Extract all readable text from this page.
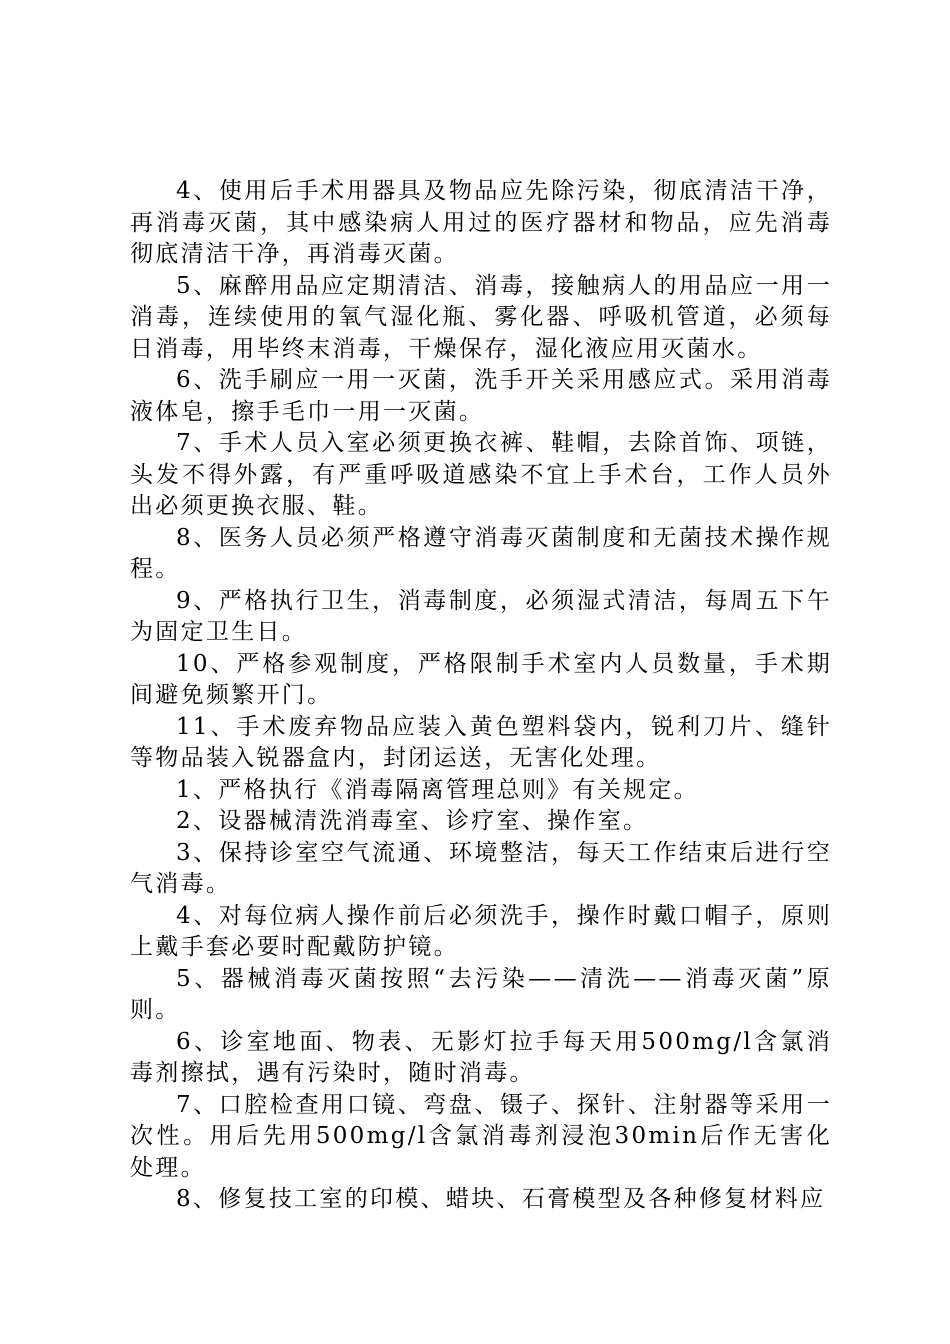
4、使用后手术用器具及物品应先除污染，彻底清洁干净，再消毒灭菌，其中感染病人用过的医疗器材和物品，应先消毒彻底清洁干净，再消毒灭菌。

5、麻醉用品应定期清洁、消毒，接触病人的用品应一用一消毒，连续使用的氧气湿化瓶、雾化器、呼吸机管道，必须每日消毒，用毕终末消毒，干燥保存，湿化液应用灭菌水。

6、洗手刷应一用一灭菌，洗手开关采用感应式。采用消毒液体皂，擦手毛巾一用一灭菌。

7、手术人员入室必须更换衣裤、鞋帽，去除首饰、项链，头发不得外露，有严重呼吸道感染不宜上手术台，工作人员外出必须更换衣服、鞋。

8、医务人员必须严格遵守消毒灭菌制度和无菌技术操作规程。

9、严格执行卫生，消毒制度，必须湿式清洁，每周五下午为固定卫生日。

10、严格参观制度，严格限制手术室内人员数量，手术期间避免频繁开门。

11、手术废弃物品应装入黄色塑料袋内，锐利刀片、缝针等物品装入锐器盒内，封闭运送，无害化处理。

1、严格执行《消毒隔离管理总则》有关规定。

2、设器械清洗消毒室、诊疗室、操作室。

3、保持诊室空气流通、环境整洁，每天工作结束后进行空气消毒。

4、对每位病人操作前后必须洗手，操作时戴口帽子，原则上戴手套必要时配戴防护镜。

5、器械消毒灭菌按照“去污染——清洗——消毒灭菌”原则。

6、诊室地面、物表、无影灯拉手每天用500mg/l含氯消毒剂擦拭，遇有污染时，随时消毒。

7、口腔检查用口镜、弯盘、镊子、探针、注射器等采用一次性。用后先用500mg/l含氯消毒剂浸泡30min后作无害化处理。

8、修复技工室的印模、蜡块、石膏模型及各种修复材料应
